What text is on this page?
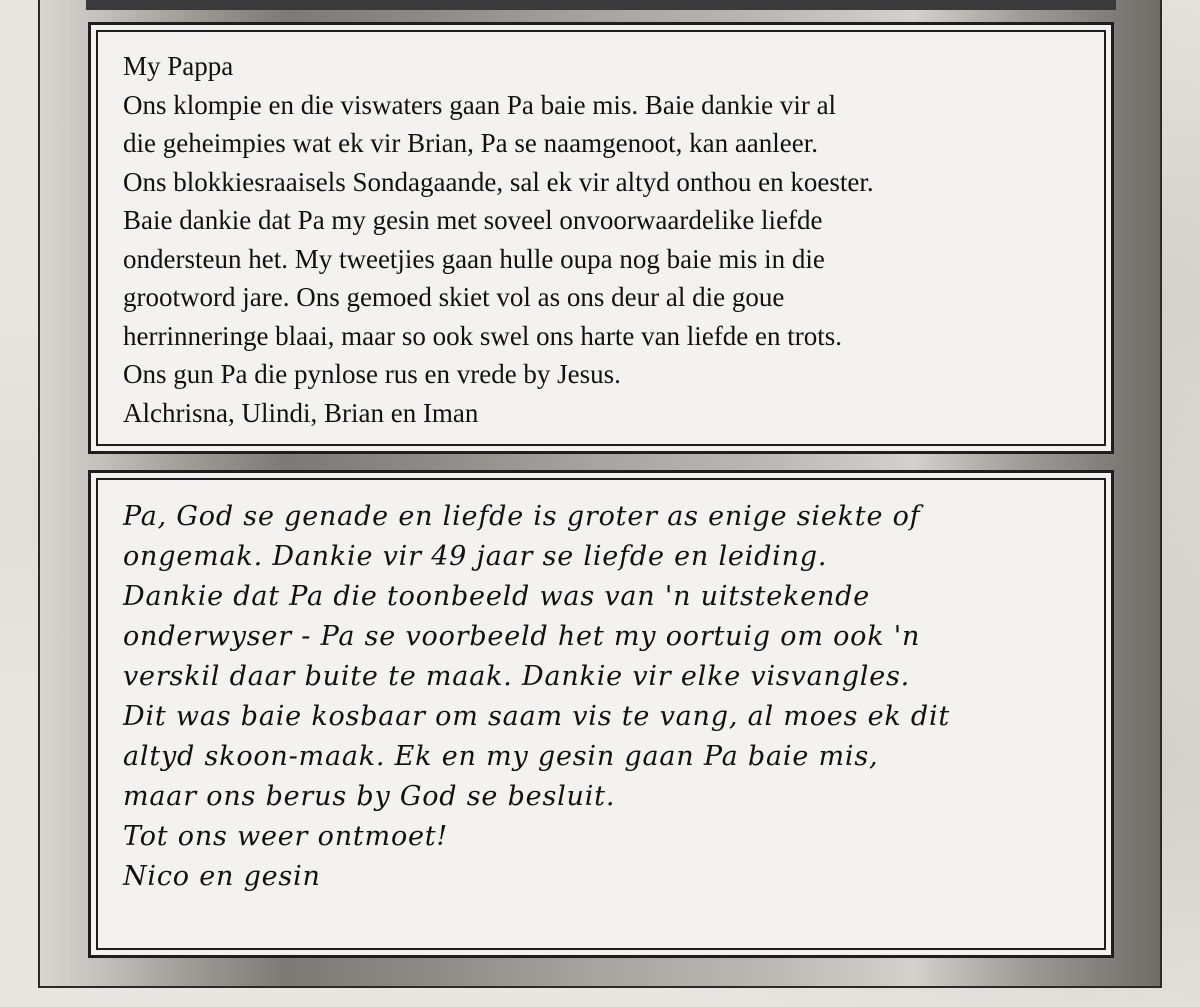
My Pappa
Ons klompie en die viswaters gaan Pa baie mis. Baie dankie vir al
die geheimpies wat ek vir Brian, Pa se naamgenoot, kan aanleer.
Ons blokkiesraaisels Sondagaande, sal ek vir altyd onthou en koester.
Baie dankie dat Pa my gesin met soveel onvoorwaardelike liefde
ondersteun het. My tweetjies gaan hulle oupa nog baie mis in die
grootword jare. Ons gemoed skiet vol as ons deur al die goue
herrinneringe blaai, maar so ook swel ons harte van liefde en trots.
Ons gun Pa die pynlose rus en vrede by Jesus.
Alchrisna, Ulindi, Brian en Iman
Pa, God se genade en liefde is groter as enige siekte of
ongemak. Dankie vir 49 jaar se liefde en leiding.
Dankie dat Pa die toonbeeld was van 'n uitstekende
onderwyser - Pa se voorbeeld het my oortuig om ook 'n
verskil daar buite te maak. Dankie vir elke visvangles.
Dit was baie kosbaar om saam vis te vang, al moes ek dit
altyd skoon-maak. Ek en my gesin gaan Pa baie mis,
maar ons berus by God se besluit.
Tot ons weer ontmoet!
Nico en gesin
